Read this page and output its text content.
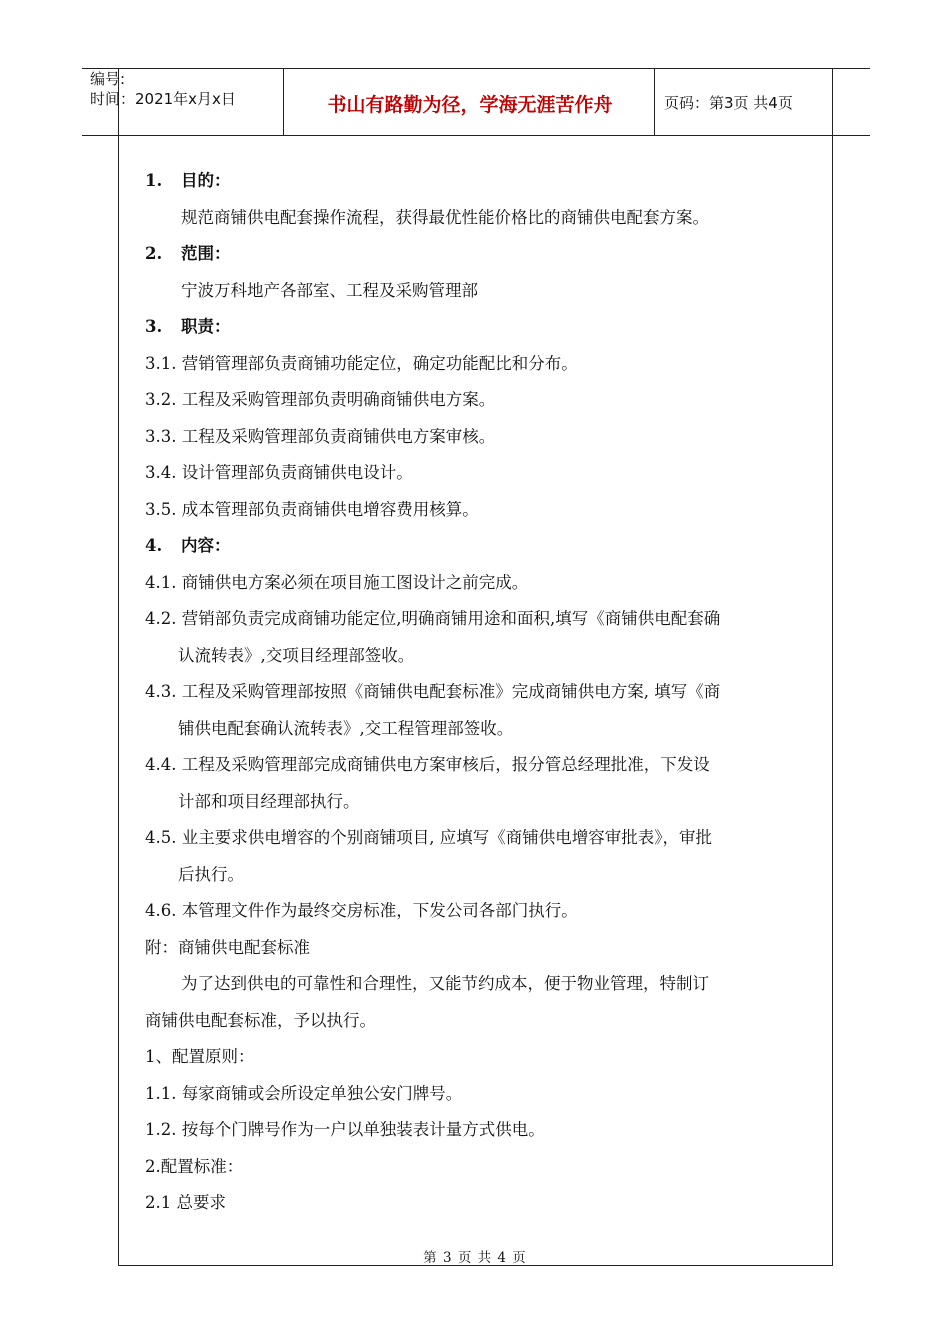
编号:
时间：2021年x月x日	书山有路勤为径，学海无涯苦作舟	页码：第3页 共4页
1. 目的：
规范商铺供电配套操作流程，获得最优性能价格比的商铺供电配套方案。
2. 范围：
宁波万科地产各部室、工程及采购管理部
3. 职责：
3.1. 营销管理部负责商铺功能定位，确定功能配比和分布。
3.2. 工程及采购管理部负责明确商铺供电方案。
3.3. 工程及采购管理部负责商铺供电方案审核。
3.4. 设计管理部负责商铺供电设计。
3.5. 成本管理部负责商铺供电增容费用核算。
4. 内容：
4.1. 商铺供电方案必须在项目施工图设计之前完成。
4.2. 营销部负责完成商铺功能定位,明确商铺用途和面积,填写《商铺供电配套确
认流转表》,交项目经理部签收。
4.3. 工程及采购管理部按照《商铺供电配套标准》完成商铺供电方案, 填写《商
铺供电配套确认流转表》,交工程管理部签收。
4.4. 工程及采购管理部完成商铺供电方案审核后，报分管总经理批准，下发设
计部和项目经理部执行。
4.5. 业主要求供电增容的个别商铺项目, 应填写《商铺供电增容审批表》，审批
后执行。
4.6. 本管理文件作为最终交房标准，下发公司各部门执行。
附：商铺供电配套标准
为了达到供电的可靠性和合理性，又能节约成本，便于物业管理，特制订
商铺供电配套标准，予以执行。
1、配置原则：
1.1. 每家商铺或会所设定单独公安门牌号。
1.2. 按每个门牌号作为一户以单独装表计量方式供电。
2.配置标准：
2.1 总要求
第 3 页 共 4 页
